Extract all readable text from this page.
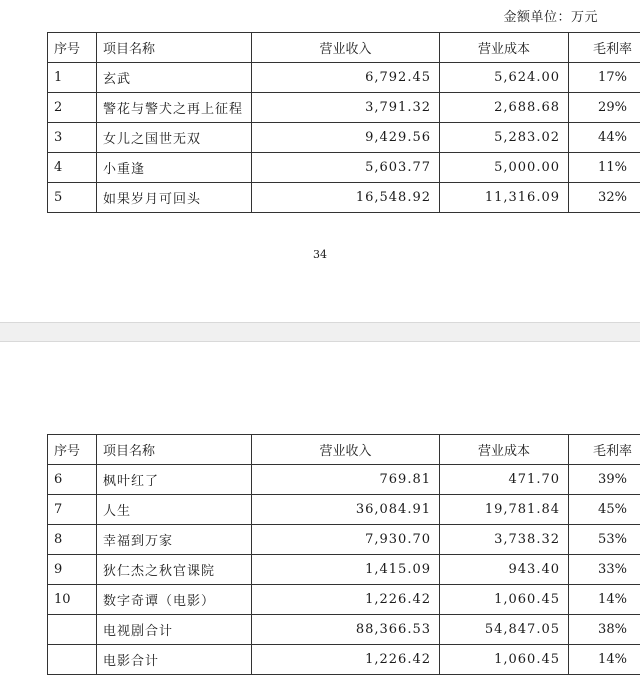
金额单位：万元
序号	项目名称	营业收入	营业成本	毛利率
1	玄武	6,792.45	5,624.00	17%
2	警花与警犬之再上征程	3,791.32	2,688.68	29%
3	女儿之国世无双	9,429.56	5,283.02	44%
4	小重逢	5,603.77	5,000.00	11%
5	如果岁月可回头	16,548.92	11,316.09	32%
34
序号	项目名称	营业收入	营业成本	毛利率
6	枫叶红了	769.81	471.70	39%
7	人生	36,084.91	19,781.84	45%
8	幸福到万家	7,930.70	3,738.32	53%
9	狄仁杰之秋官课院	1,415.09	943.40	33%
10	数字奇谭（电影）	1,226.42	1,060.45	14%
	电视剧合计	88,366.53	54,847.05	38%
	电影合计	1,226.42	1,060.45	14%
